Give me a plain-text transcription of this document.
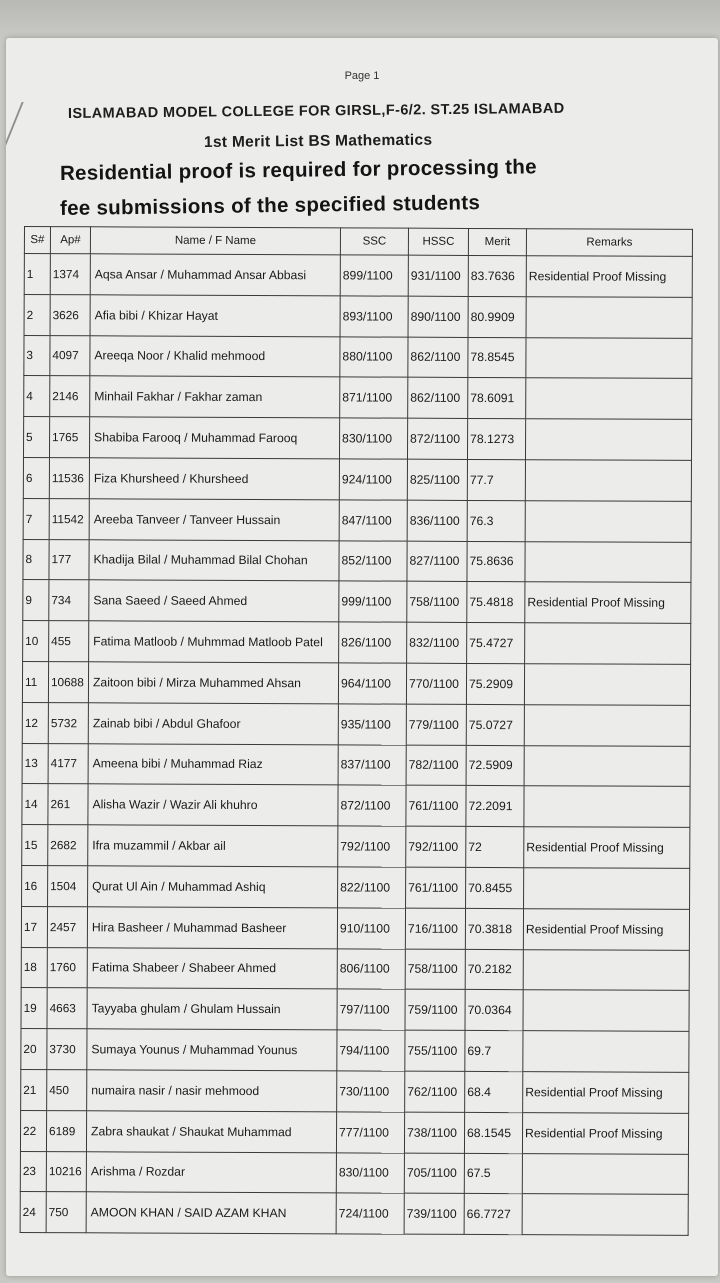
Page 1
ISLAMABAD MODEL COLLEGE FOR GIRSL,F-6/2. ST.25 ISLAMABAD
1st Merit List BS Mathematics
Residential proof is required for processing the
fee submissions of the specified students
S#	Ap#	Name / F Name	SSC	HSSC	Merit	Remarks
1	1374	Aqsa Ansar / Muhammad Ansar Abbasi	899/1100	931/1100	83.7636	Residential Proof Missing
2	3626	Afia bibi / Khizar Hayat	893/1100	890/1100	80.9909	
3	4097	Areeqa Noor / Khalid mehmood	880/1100	862/1100	78.8545	
4	2146	Minhail Fakhar / Fakhar zaman	871/1100	862/1100	78.6091	
5	1765	Shabiba Farooq / Muhammad Farooq	830/1100	872/1100	78.1273	
6	11536	Fiza Khursheed / Khursheed	924/1100	825/1100	77.7	
7	11542	Areeba Tanveer / Tanveer Hussain	847/1100	836/1100	76.3	
8	177	Khadija Bilal / Muhammad Bilal Chohan	852/1100	827/1100	75.8636	
9	734	Sana Saeed / Saeed Ahmed	999/1100	758/1100	75.4818	Residential Proof Missing
10	455	Fatima Matloob / Muhmmad Matloob Patel	826/1100	832/1100	75.4727	
11	10688	Zaitoon bibi / Mirza Muhammed Ahsan	964/1100	770/1100	75.2909	
12	5732	Zainab bibi / Abdul Ghafoor	935/1100	779/1100	75.0727	
13	4177	Ameena bibi / Muhammad Riaz	837/1100	782/1100	72.5909	
14	261	Alisha Wazir / Wazir Ali khuhro	872/1100	761/1100	72.2091	
15	2682	Ifra muzammil / Akbar ail	792/1100	792/1100	72	Residential Proof Missing
16	1504	Qurat Ul Ain / Muhammad Ashiq	822/1100	761/1100	70.8455	
17	2457	Hira Basheer / Muhammad Basheer	910/1100	716/1100	70.3818	Residential Proof Missing
18	1760	Fatima Shabeer / Shabeer Ahmed	806/1100	758/1100	70.2182	
19	4663	Tayyaba ghulam / Ghulam Hussain	797/1100	759/1100	70.0364	
20	3730	Sumaya Younus / Muhammad Younus	794/1100	755/1100	69.7	
21	450	numaira nasir / nasir mehmood	730/1100	762/1100	68.4	Residential Proof Missing
22	6189	Zabra shaukat / Shaukat Muhammad	777/1100	738/1100	68.1545	Residential Proof Missing
23	10216	Arishma / Rozdar	830/1100	705/1100	67.5	
24	750	AMOON KHAN / SAID AZAM KHAN	724/1100	739/1100	66.7727	
